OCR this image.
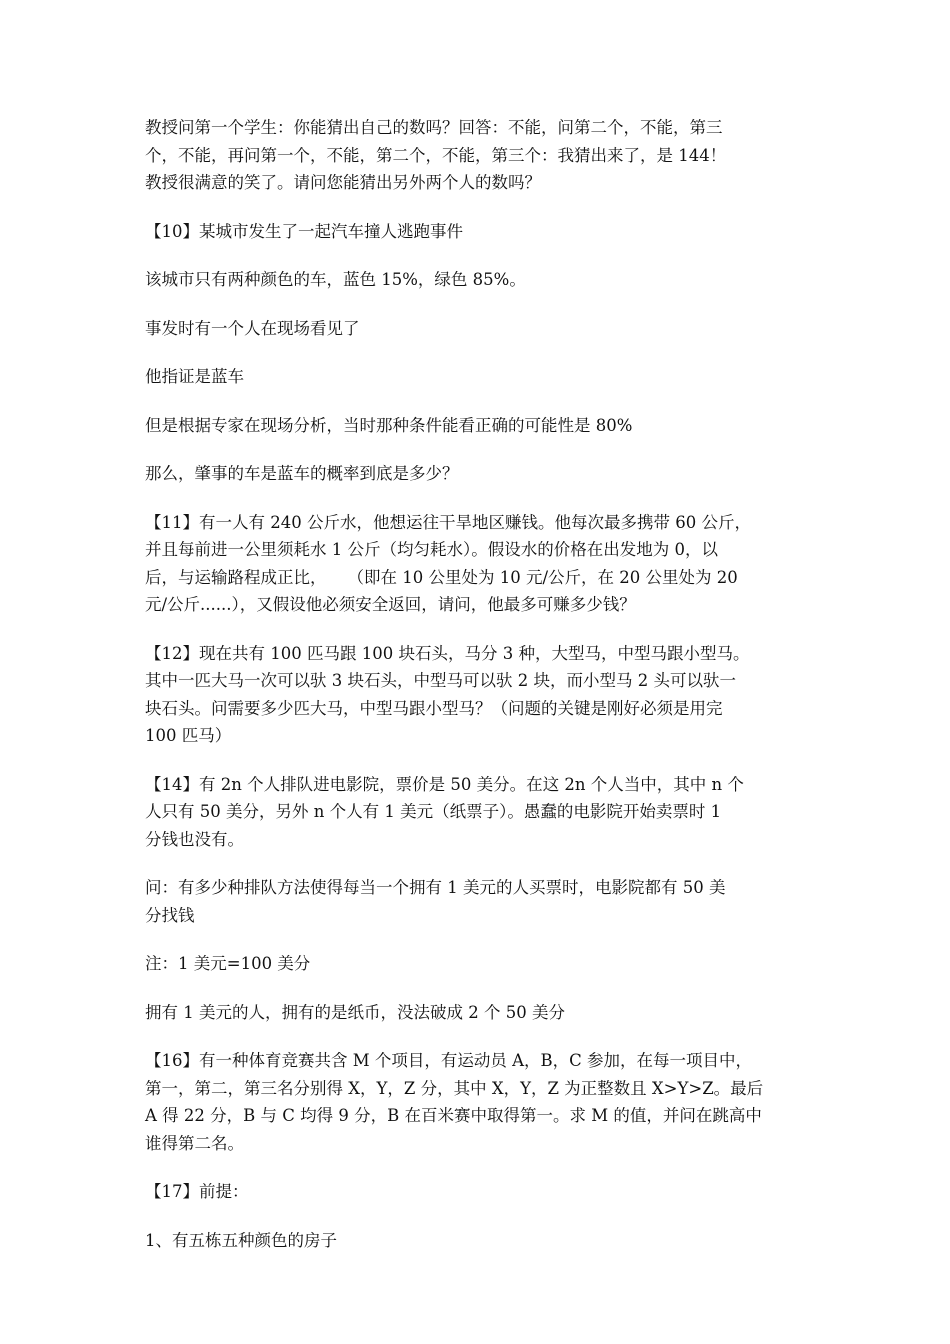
教授问第一个学生：你能猜出自己的数吗？回答：不能，问第二个，不能，第三
个，不能，再问第一个，不能，第二个，不能，第三个：我猜出来了，是 144！
教授很满意的笑了。请问您能猜出另外两个人的数吗？

【10】某城市发生了一起汽车撞人逃跑事件

该城市只有两种颜色的车，蓝色 15%，绿色 85%。

事发时有一个人在现场看见了

他指证是蓝车

但是根据专家在现场分析，当时那种条件能看正确的可能性是 80%

那么，肇事的车是蓝车的概率到底是多少？

【11】有一人有 240 公斤水，他想运往干旱地区赚钱。他每次最多携带 60 公斤，
并且每前进一公里须耗水 1 公斤（均匀耗水）。假设水的价格在出发地为 0，以
后，与运输路程成正比，    （即在 10 公里处为 10 元/公斤，在 20 公里处为 20
元/公斤......），又假设他必须安全返回，请问，他最多可赚多少钱？

【12】现在共有 100 匹马跟 100 块石头，马分 3 种，大型马，中型马跟小型马。
其中一匹大马一次可以驮 3 块石头，中型马可以驮 2 块，而小型马 2 头可以驮一
块石头。问需要多少匹大马，中型马跟小型马？（问题的关键是刚好必须是用完
100 匹马）

【14】有 2n 个人排队进电影院，票价是 50 美分。在这 2n 个人当中，其中 n 个
人只有 50 美分，另外 n 个人有 1 美元（纸票子）。愚蠢的电影院开始卖票时 1
分钱也没有。

问：有多少种排队方法使得每当一个拥有 1 美元的人买票时，电影院都有 50 美
分找钱

注：1 美元=100 美分

拥有 1 美元的人，拥有的是纸币，没法破成 2 个 50 美分

【16】有一种体育竞赛共含 M 个项目，有运动员 A，B，C 参加，在每一项目中，
第一，第二，第三名分别得 X，Y，Z 分，其中 X，Y，Z 为正整数且 X>Y>Z。最后
A 得 22 分，B 与 C 均得 9 分，B 在百米赛中取得第一。求 M 的值，并问在跳高中
谁得第二名。

【17】前提：

1、有五栋五种颜色的房子
